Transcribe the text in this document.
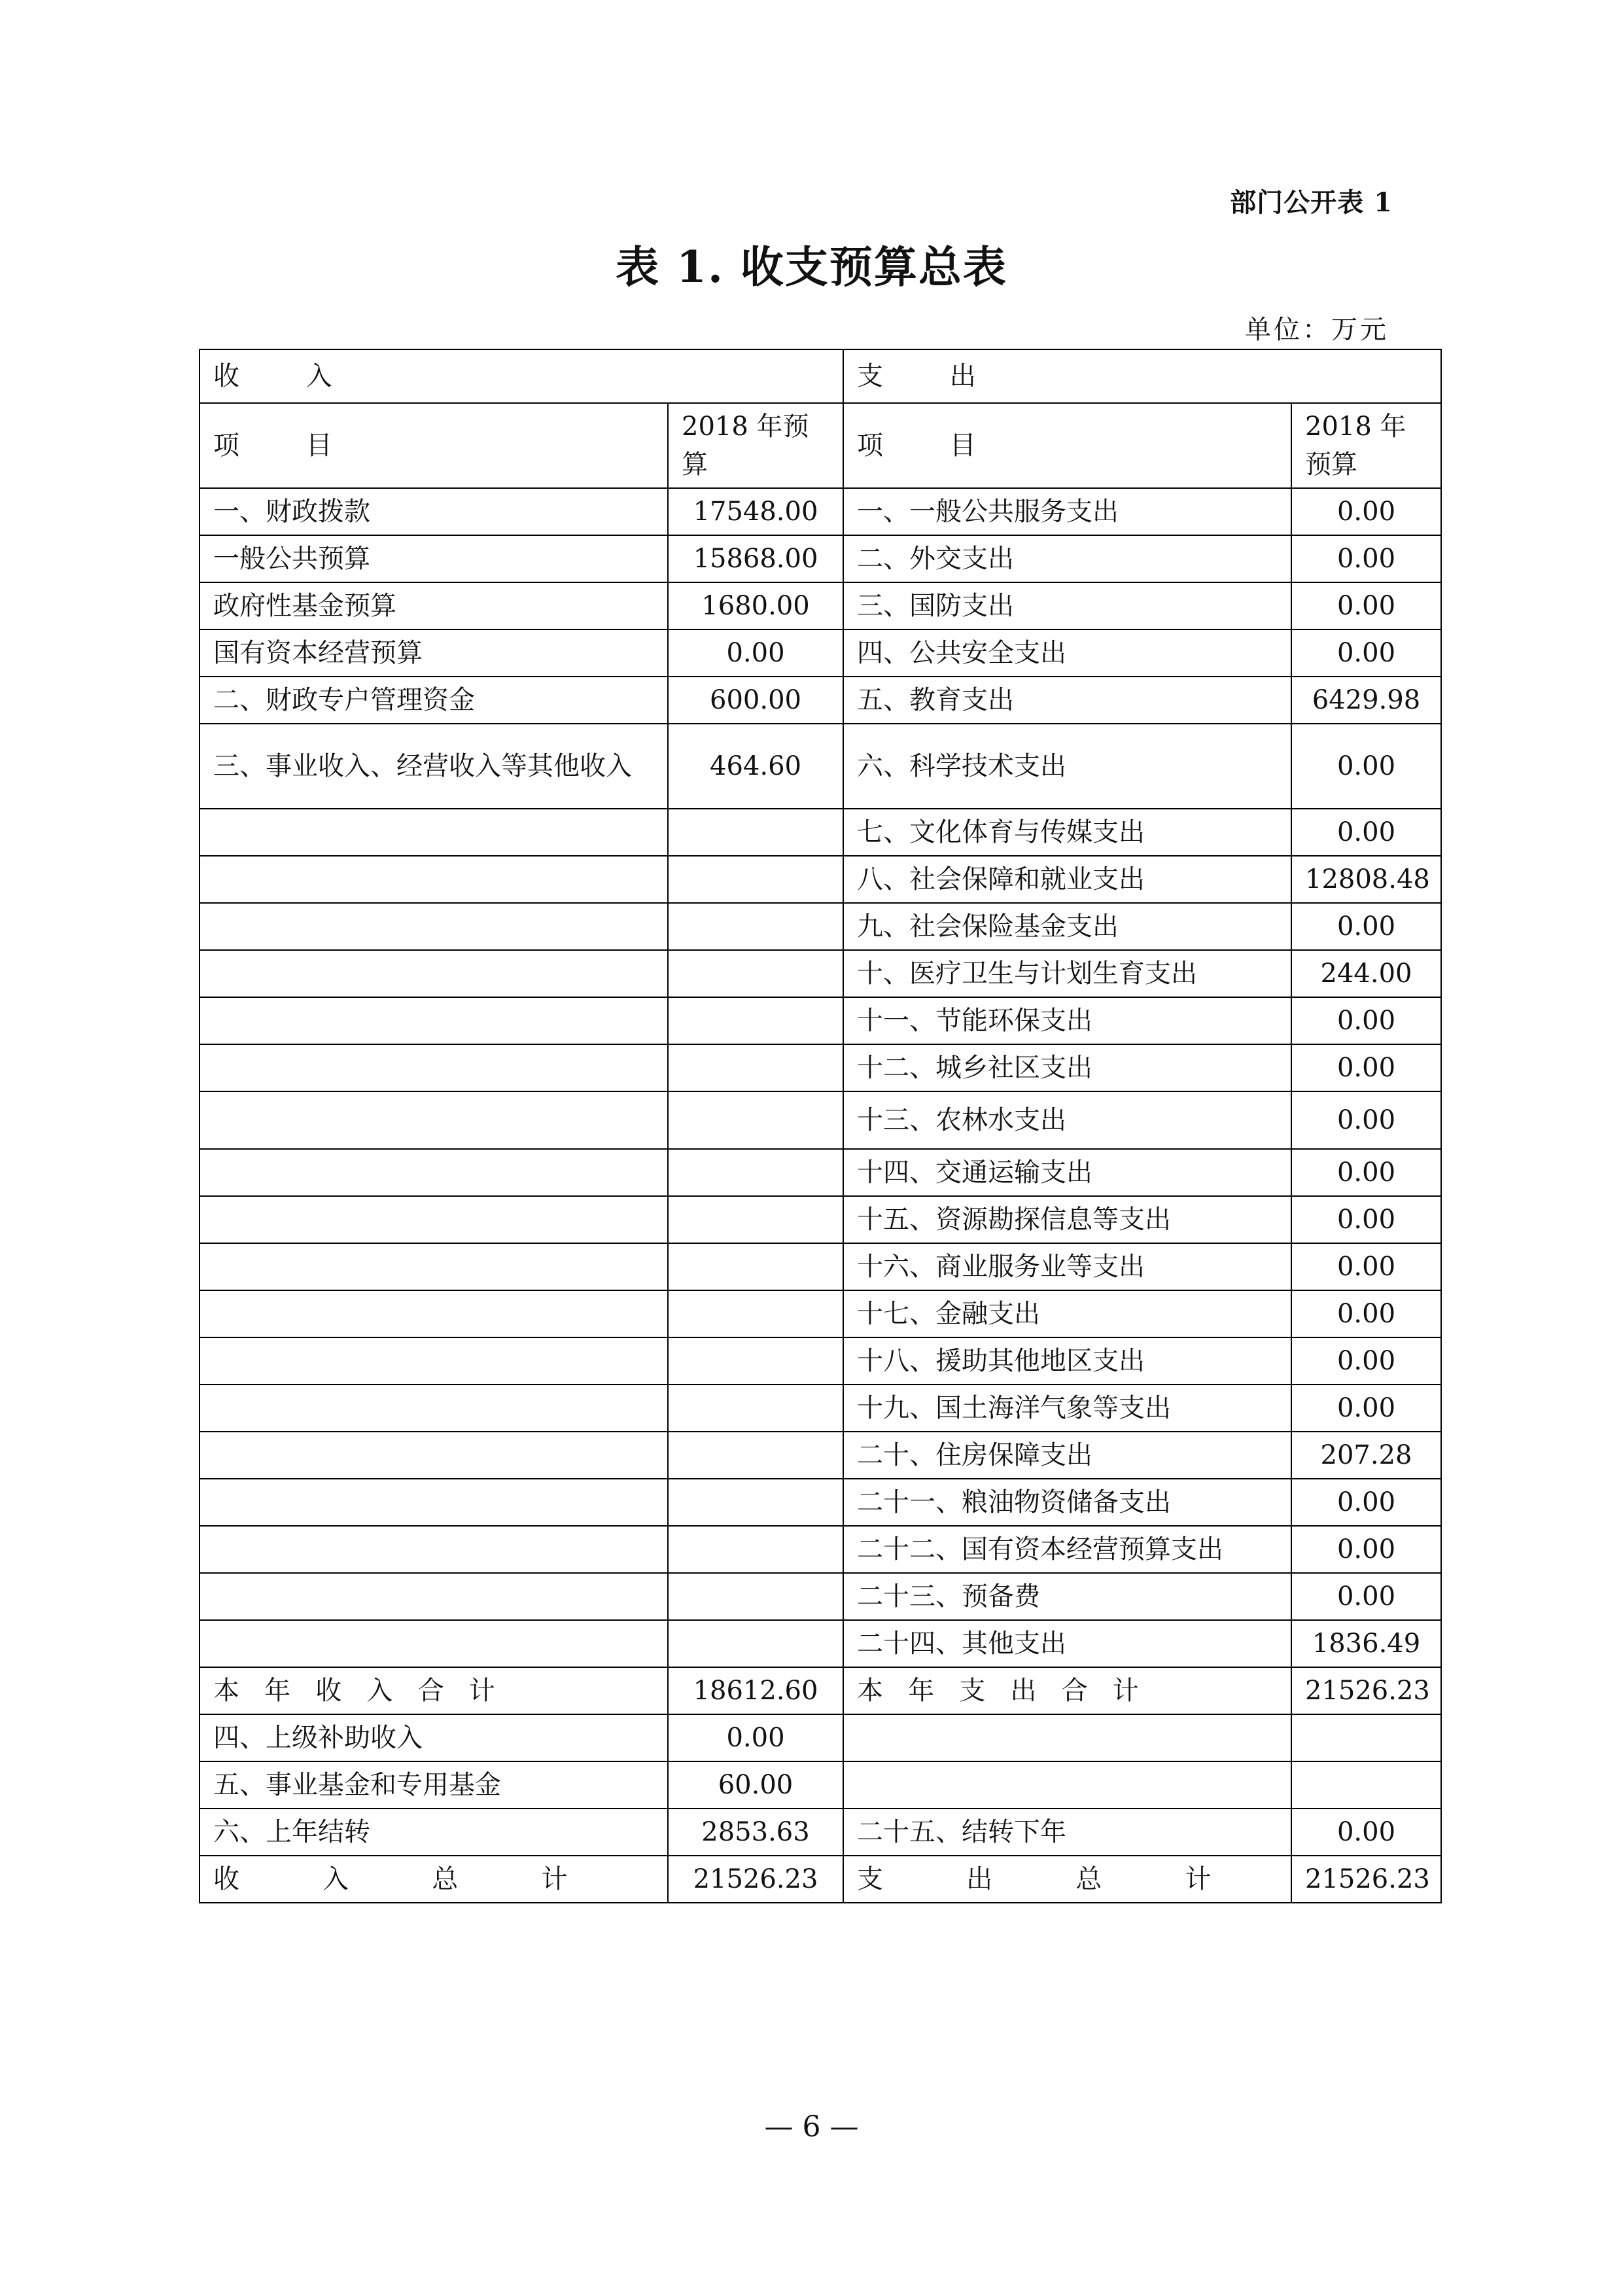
部门公开表 1
表 1. 收支预算总表
单位：万元
收        入		支        出	
项        目	2018 年预算	项        目	2018 年预算
一、财政拨款	17548.00	一、一般公共服务支出	0.00
一般公共预算	15868.00	二、外交支出	0.00
政府性基金预算	1680.00	三、国防支出	0.00
国有资本经营预算	0.00	四、公共安全支出	0.00
二、财政专户管理资金	600.00	五、教育支出	6429.98
三、事业收入、经营收入等其他收入	464.60	六、科学技术支出	0.00
		七、文化体育与传媒支出	0.00
		八、社会保障和就业支出	12808.48
		九、社会保险基金支出	0.00
		十、医疗卫生与计划生育支出	244.00
		十一、节能环保支出	0.00
		十二、城乡社区支出	0.00
		十三、农林水支出	0.00
		十四、交通运输支出	0.00
		十五、资源勘探信息等支出	0.00
		十六、商业服务业等支出	0.00
		十七、金融支出	0.00
		十八、援助其他地区支出	0.00
		十九、国土海洋气象等支出	0.00
		二十、住房保障支出	207.28
		二十一、粮油物资储备支出	0.00
		二十二、国有资本经营预算支出	0.00
		二十三、预备费	0.00
		二十四、其他支出	1836.49
本   年   收   入   合   计	18612.60	本   年   支   出   合   计	21526.23
四、上级补助收入	0.00		
五、事业基金和专用基金	60.00		
六、上年结转	2853.63	二十五、结转下年	0.00
收          入          总          计	21526.23	支          出          总          计	21526.23
— 6 —
